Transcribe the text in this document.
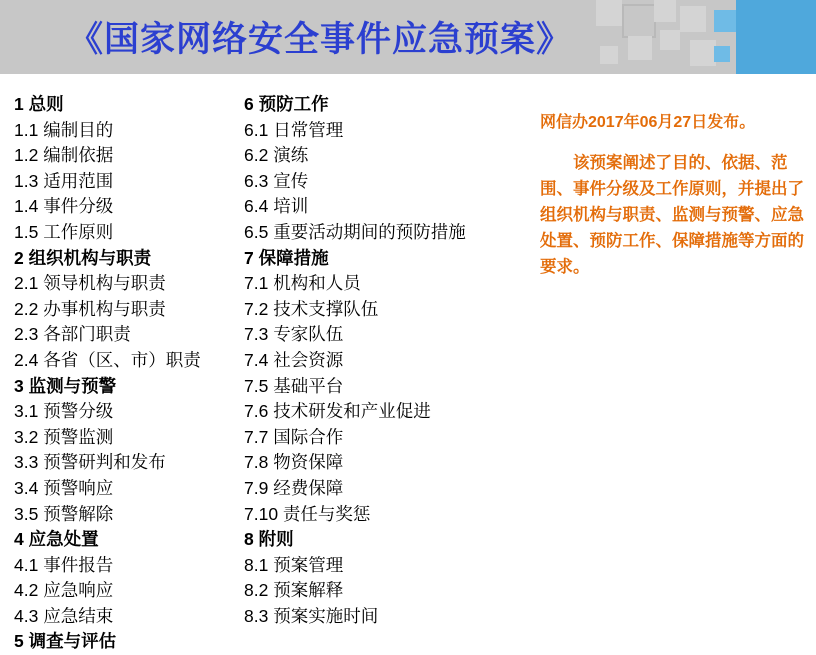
《国家网络安全事件应急预案》
1 总则
1.1 编制目的
1.2 编制依据
1.3 适用范围
1.4 事件分级
1.5 工作原则
2 组织机构与职责
2.1 领导机构与职责
2.2 办事机构与职责
2.3 各部门职责
2.4 各省（区、市）职责
3 监测与预警
3.1 预警分级
3.2 预警监测
3.3 预警研判和发布
3.4 预警响应
3.5 预警解除
4 应急处置
4.1 事件报告
4.2 应急响应
4.3 应急结束
5 调查与评估
6 预防工作
6.1 日常管理
6.2 演练
6.3 宣传
6.4 培训
6.5 重要活动期间的预防措施
7 保障措施
7.1 机构和人员
7.2 技术支撑队伍
7.3 专家队伍
7.4 社会资源
7.5 基础平台
7.6 技术研发和产业促进
7.7 国际合作
7.8 物资保障
7.9 经费保障
7.10 责任与奖惩
8 附则
8.1 预案管理
8.2 预案解释
8.3 预案实施时间
网信办2017年06月27日发布。
该预案阐述了目的、依据、范围、事件分级及工作原则，并提出了组织机构与职责、监测与预警、应急处置、预防工作、保障措施等方面的要求。
